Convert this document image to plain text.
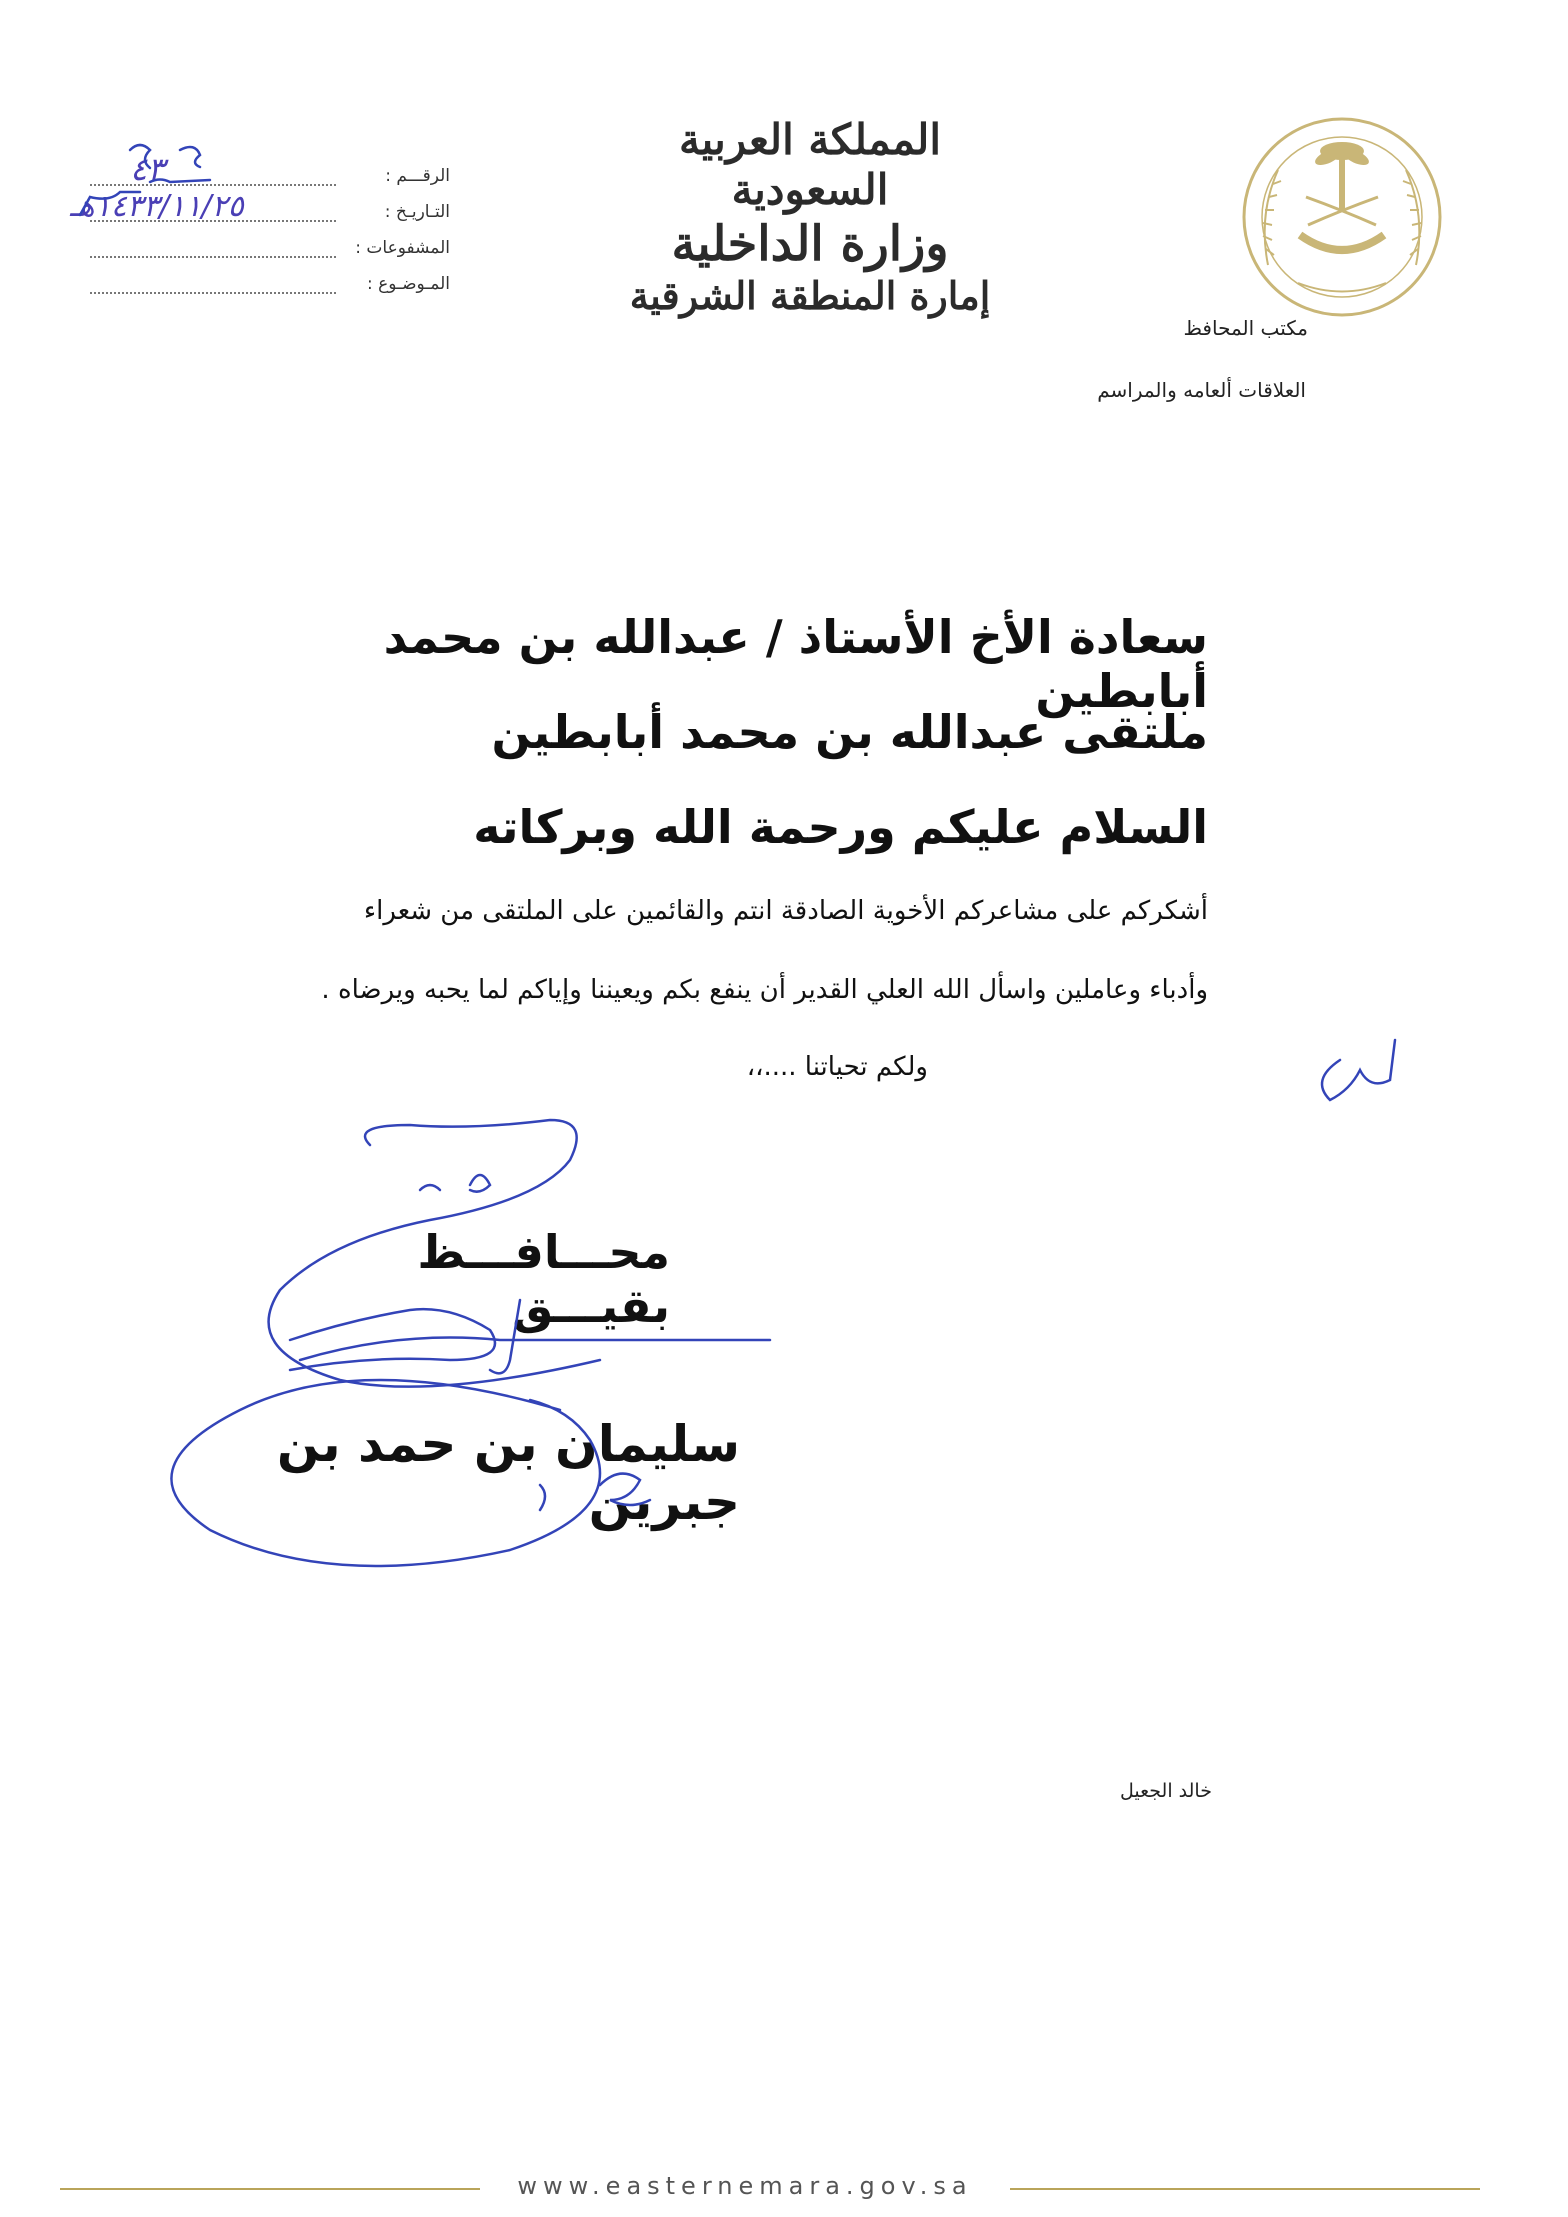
المملكة العربية السعودية
وزارة الداخلية
إمارة المنطقة الشرقية
مكتب المحافظ
العلاقات ألعامه والمراسم
الرقـــم :
٤٣
التـاريـخ :
١٤٣٣/١١/٢٥هـ
المشفوعات :
المـوضـوع :
سعادة الأخ الأستاذ / عبدالله بن محمد أبابطين
ملتقى عبدالله بن محمد أبابطين
السلام عليكم ورحمة الله وبركاته
أشكركم على مشاعركم الأخوية الصادقة انتم والقائمين على الملتقى من شعراء
وأدباء وعاملين واسأل الله العلي القدير أن ينفع بكم ويعيننا وإياكم لما يحبه ويرضاه .
ولكم تحياتنا ....،،
محـــافـــظ بقيـــق
سليمان بن حمد بن جبرين
خالد الجعيل
www.easternemara.gov.sa
